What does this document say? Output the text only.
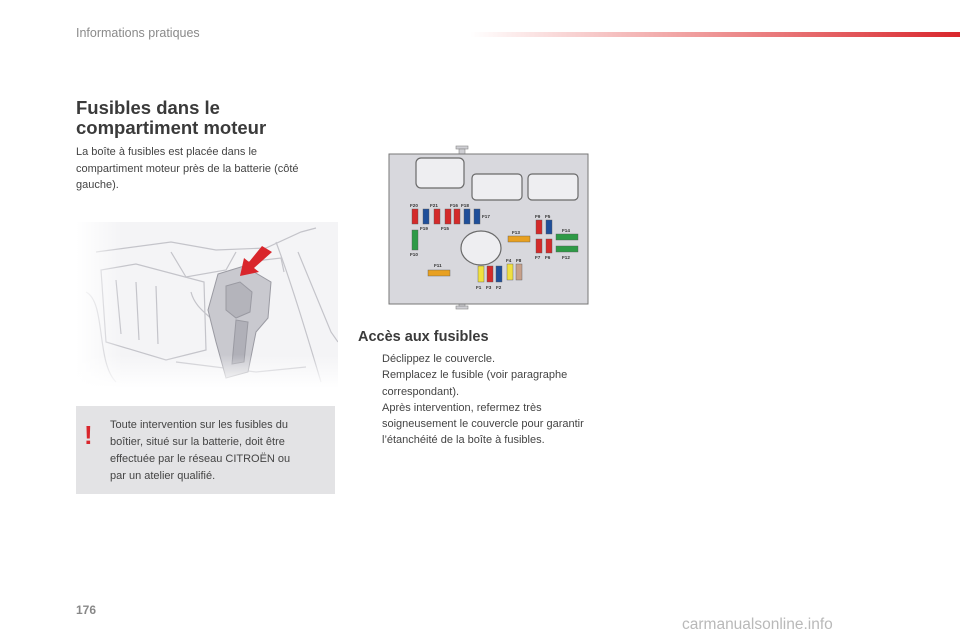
Informations pratiques
Fusibles dans le
compartiment moteur
La boîte à fusibles est placée dans le
compartiment moteur près de la batterie (côté
gauche).
! Toute intervention sur les fusibles du
boîtier, situé sur la batterie, doit être
effectuée par le réseau CITROËN ou
par un atelier qualifié.
F20	F21	F16 F18
F17
F19	F15
F13
F10
F11
F9 F5
F14
F7 F6	F12
F4 F8
F1 F3 F2
Accès aux fusibles
Déclippez le couvercle.
Remplacez le fusible (voir paragraphe
correspondant).
Après intervention, refermez très
soigneusement le couvercle pour garantir
l’étanchéité de la boîte à fusibles.
176
carmanualsonline.info
